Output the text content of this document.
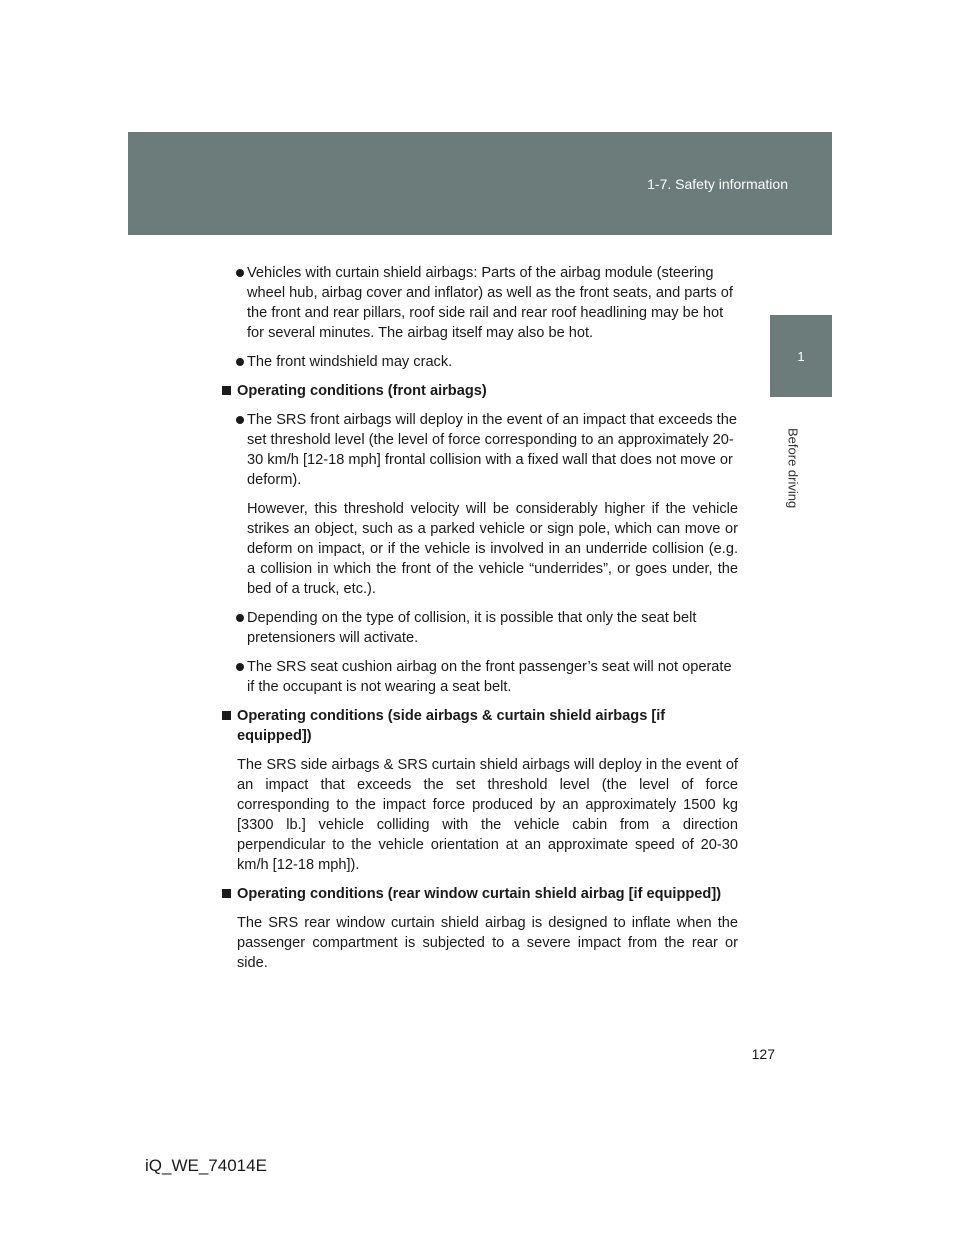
1-7. Safety information
1
Before driving

Vehicles with curtain shield airbags: Parts of the airbag module (steering wheel hub, airbag cover and inflator) as well as the front seats, and parts of the front and rear pillars, roof side rail and rear roof headlining may be hot for several minutes. The airbag itself may also be hot.

The front windshield may crack.

Operating conditions (front airbags)

The SRS front airbags will deploy in the event of an impact that exceeds the set threshold level (the level of force corresponding to an approximately 20-30 km/h [12-18 mph] frontal collision with a fixed wall that does not move or deform).

However, this threshold velocity will be considerably higher if the vehicle strikes an object, such as a parked vehicle or sign pole, which can move or deform on impact, or if the vehicle is involved in an underride collision (e.g. a collision in which the front of the vehicle “underrides”, or goes under, the bed of a truck, etc.).

Depending on the type of collision, it is possible that only the seat belt pretensioners will activate.

The SRS seat cushion airbag on the front passenger’s seat will not operate if the occupant is not wearing a seat belt.

Operating conditions (side airbags & curtain shield airbags [if equipped])

The SRS side airbags & SRS curtain shield airbags will deploy in the event of an impact that exceeds the set threshold level (the level of force corresponding to the impact force produced by an approximately 1500 kg [3300 lb.] vehicle colliding with the vehicle cabin from a direction perpendicular to the vehicle orientation at an approximate speed of 20-30 km/h [12-18 mph]).

Operating conditions (rear window curtain shield airbag [if equipped])

The SRS rear window curtain shield airbag is designed to inflate when the passenger compartment is subjected to a severe impact from the rear or side.

127
iQ_WE_74014E
